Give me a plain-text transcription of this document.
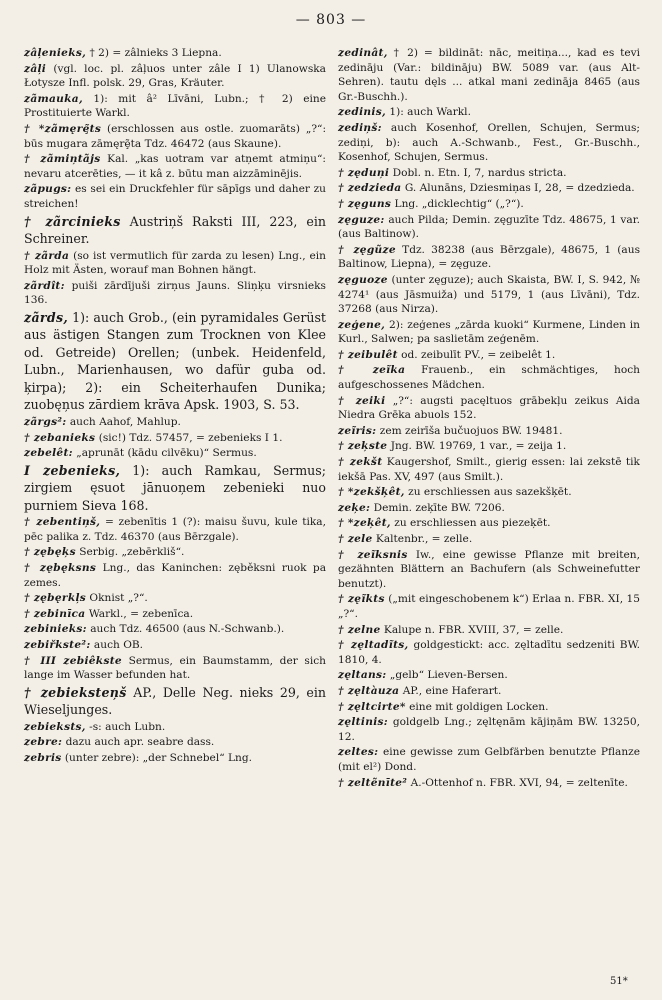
— 803 —

zâļenieks, † 2) = zâlnieks 3 Liepna.

zâļi (vgl. loc. pl. zâļuos unter zâle I 1) Ulanowska Łotysze Infl. polsk. 29, Gras, Kräuter.

zãmauka, 1): mit â² Līvāni, Lubn.; † 2) eine Prostituierte Warkl.

† *zãmęrȩ̃ts (erschlossen aus ostle. zuomarāts) „?“: būs mugara zāmęrȩ̃ta Tdz. 46472 (aus Skaune).

† zãmiņtãjs Kal. „kas uotram var atņemt atmiņu“: nevaru atcerēties, — it kâ z. būtu man aizzāminējis.

zãpugs: es sei ein Druckfehler für sāpīgs und daher zu streichen!

† zãrcinieks Austriņš Raksti III, 223, ein Schreiner.

† zãrda (so ist vermutlich für zarda zu lesen) Lng., ein Holz mit Ästen, worauf man Bohnen hängt.

zãrdît: puiši zārdījuši zirņus Jauns. Sliņķu virsnieks 136.

zãrds, 1): auch Grob., (ein pyramidales Gerüst aus ästigen Stangen zum Trocknen von Klee od. Getreide) Orellen; (unbek. Heidenfeld, Lubn., Marienhausen, wo dafür guba od. ķirpa); 2): ein Scheiterhaufen Dunika; zuobęņus zārdiem krāva Apsk. 1903, S. 53.

zãrgs²: auch Aahof, Mahlup.

† zebanieks (sic!) Tdz. 57457, = zebenieks I 1.

zebelêt: „aprunāt (kādu cilvēku)“ Sermus.

I zebenieks, 1): auch Ramkau, Sermus; zirgiem ęsuot jānuoņem zebenieki nuo purniem Sieva 168.

† zebentiņš, = zebenītis 1 (?): maisu šuvu, kule tika, pēc palika z. Tdz. 46370 (aus Bērzgale).

† zębęķs Serbig. „zebērkliš“.

† zębęksns Lng., das Kaninchen: zęběksni ruok pa zemes.

† zębęrkļs Oknist „?“.

† zebinīca Warkl., = zebenīca.

zebinieks: auch Tdz. 46500 (aus N.-Schwanb.).

zebiřkste²: auch OB.

† III zebiêkste Sermus, ein Baumstamm, der sich lange im Wasser befunden hat.

† zebieksteņš AP., Delle Neg. nieks 29, ein Wieseljunges.

zebieksts, -s: auch Lubn.

zebre: dazu auch apr. seabre dass.

zebris (unter zebre): „der Schnebel“ Lng.

zedinât, † 2) = bildināt: nāc, meitiņa..., kad es tevi zedināju (Var.: bildināju) BW. 5089 var. (aus Alt-Sehren). tautu dęls ... atkal mani zedināja 8465 (aus Gr.-Buschh.).

zedinis, 1): auch Warkl.

zediņš: auch Kosenhof, Orellen, Schujen, Sermus; zediņi, b): auch A.-Schwanb., Fest., Gr.-Buschh., Kosenhof, Schujen, Sermus.

† zęduņi Dobl. n. Etn. I, 7, nardus stricta.

† zedzieda G. Alunāns, Dziesmiņas I, 28, = dzedzieda.

† zęguns Lng. „dicklechtig“ („?“).

zęguze: auch Pilda; Demin. zęguzīte Tdz. 48675, 1 var. (aus Baltinow).

† zęgũze Tdz. 38238 (aus Bērzgale), 48675, 1 (aus Baltinow, Liepna), = zęguze.

zęguoze (unter zęguze); auch Skaista, BW. I, S. 942, № 4274¹ (aus Jāsmuiža) und 5179, 1 (aus Līvāni), Tdz. 37268 (aus Nirza).

zeģene, 2): zeģenes „zārda kuoki“ Kurmene, Linden in Kurl., Salwen; pa saslietām zeģenēm.

† zeibulêt od. zeibulīt PV., = zeibelêt 1.

† zeĩka Frauenb., ein schmächtiges, hoch aufgeschossenes Mädchen.

† zeiki „?“: augsti pacęltuos grābekļu zeikus Aida Niedra Grēka abuols 152.

zeĩris: zem zeirīša bučuojuos BW. 19481.

† zeķste Jng. BW. 19769, 1 var., = zeija 1.

† zekšt Kaugershof, Smilt., gierig essen: lai zekstē tik iekšā Pas. XV, 497 (aus Smilt.).

† *zekšķêt, zu erschliessen aus sazekšķēt.

zeķe: Demin. zeķīte BW. 7206.

† *zeķêt, zu erschliessen aus piezeķēt.

† zele Kaltenbr., = zelle.

† zeĩksnis Iw., eine gewisse Pflanze mit breiten, gezähnten Blättern an Bachufern (als Schweinefutter benutzt).

† zęĩkts („mit eingeschobenem k“) Erlaa n. FBR. XI, 15 „?“.

† zelne Kalupe n. FBR. XVIII, 37, = zelle.

† zęltadĩts, goldgestickt: acc. zęltadītu sedzeniti BW. 1810, 4.

zęltans: „gelb“ Lieven-Bersen.

† zęltàuza AP., eine Haferart.

† zęltcirte* eine mit goldigen Locken.

zęltinis: goldgelb Lng.; zęltęnām kājiņām BW. 13250, 12.

zeltes: eine gewisse zum Gelbfärben benutzte Pflanze (mit el²) Dond.

† zeltẽnīte² A.-Ottenhof n. FBR. XVI, 94, = zeltenīte.

51*
